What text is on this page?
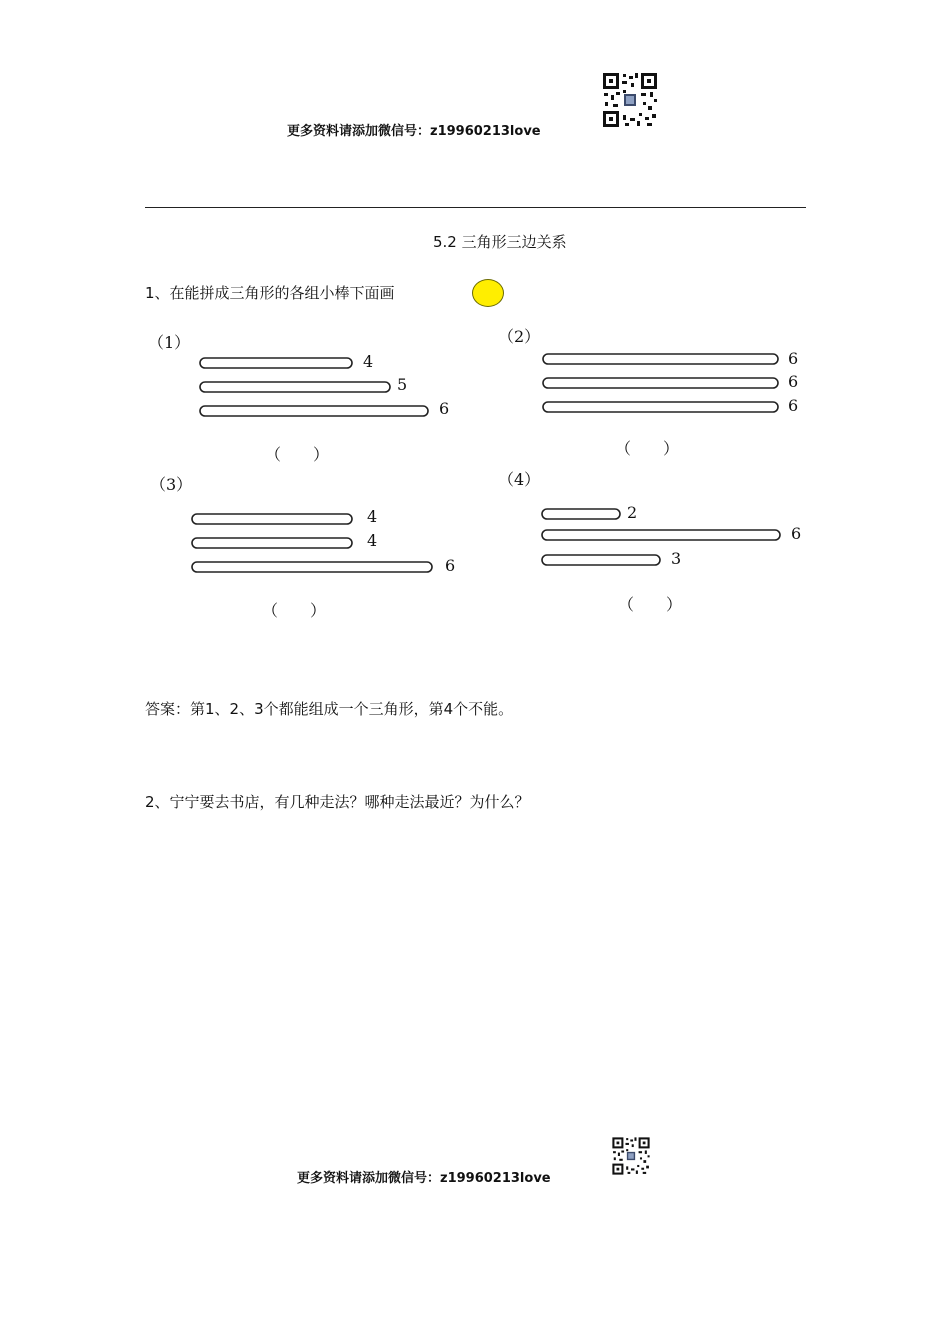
更多资料请添加微信号：z19960213love
5.2 三角形三边关系
1、在能拼成三角形的各组小棒下面画
（1）
4
5
6
（　　）
（2）
6
6
6
（　　）
（3）
4
4
6
（　　）
（4）
2
6
3
（　　）
答案：第1、2、3个都能组成一个三角形，第4个不能。
2、宁宁要去书店，有几种走法？哪种走法最近？为什么？
更多资料请添加微信号：z19960213love
